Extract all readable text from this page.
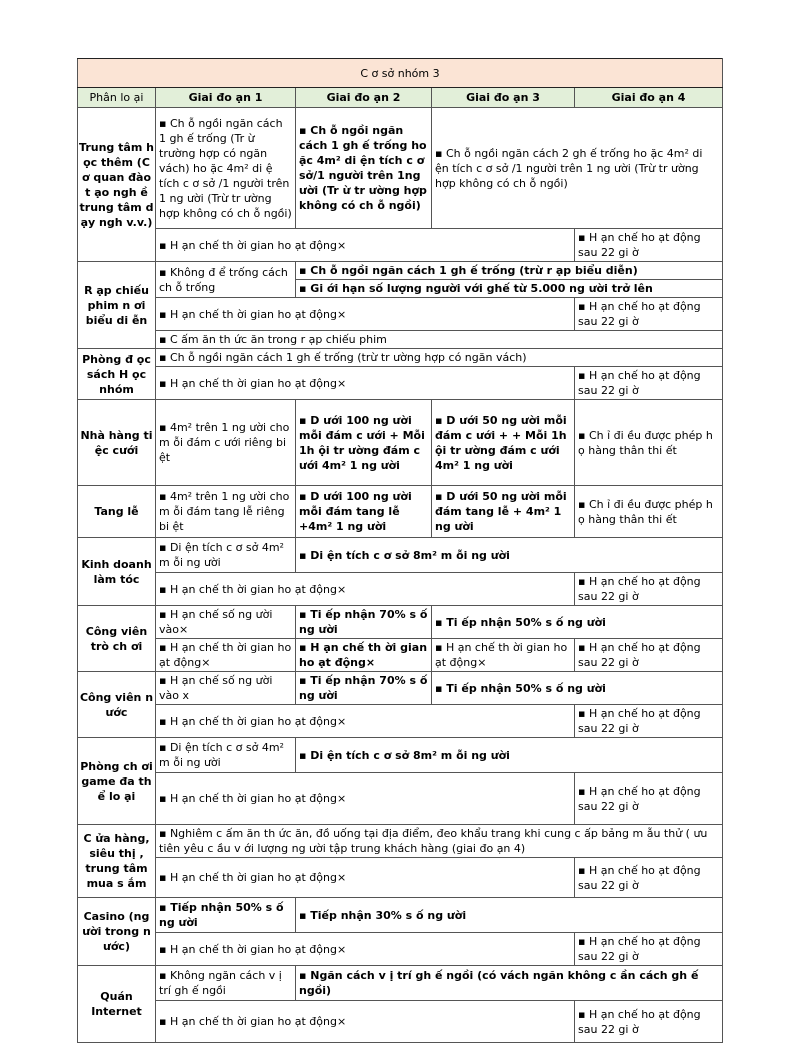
C ơ sở nhóm 3				
Phân lo ại	Giai đo ạn 1	Giai đo ạn 2	Giai đo ạn 3	Giai đo ạn 4
Trung tâm h ọc thêm (C ơ quan đào t ạo ngh ề trung tâm d ạy ngh v.v.)	▪ Ch ỗ ngồi ngăn cách 1 gh ế trống (Tr ừ trường hợp có ngăn vách) ho ặc 4m² di ệ tích c ơ sở /1 người trên 1 ng ười (Trừ tr ường hợp không có ch ỗ ngồi)	▪ Ch ỗ ngồi ngăn cách 1 gh ế trống ho ặc 4m² di ện tích c ơ sở/1 người trên 1ng ười (Tr ừ tr ường hợp không có ch ỗ ngồi)	▪ Ch ỗ ngồi ngăn cách 2 gh ế trống ho ặc 4m² di ện tích c ơ sở /1 người trên 1 ng ười (Trừ tr ường hợp không có ch ỗ ngồi)	
	▪ H ạn chế th ời gian ho ạt động×			▪ H ạn chế ho ạt động sau 22 gi ờ
R ạp chiếu phim n ơi biểu di ễn	▪ Không đ ể trống cách ch ỗ trống	▪ Ch ỗ ngồi ngăn cách 1 gh ế trống (trừ r ạp biểu diễn)		
		▪ Gi ới hạn số lượng người với ghế từ 5.000 ng ười trở lên		
	▪ H ạn chế th ời gian ho ạt động×			▪ H ạn chế ho ạt động sau 22 gi ờ
	▪ C ấm ăn th ức ăn trong r ạp chiếu phim			
Phòng đ ọc sách H ọc nhóm	▪ Ch ỗ ngồi ngăn cách 1 gh ế trống (trừ tr ường hợp có ngăn vách)			
	▪ H ạn chế th ời gian ho ạt động×			▪ H ạn chế ho ạt động sau 22 gi ờ
Nhà hàng ti ệc cưới	▪ 4m² trên 1 ng ười cho m ỗi đám c ưới riêng bi ệt	▪ D ưới 100 ng ười mỗi đám c ưới + Mỗi 1h ội tr ường đám c ưới 4m² 1 ng ười	▪ D ưới 50 ng ười mỗi đám c ưới + + Mỗi 1h ội tr ường đám c ưới 4m² 1 ng ười	▪ Ch ỉ đi ều được phép h ọ hàng thân thi ết
Tang lễ	▪ 4m² trên 1 ng ười cho m ỗi đám tang lễ riêng bi ệt	▪ D ưới 100 ng ười mỗi đám tang lễ +4m² 1 ng ười	▪ D ưới 50 ng ười mỗi đám tang lễ + 4m² 1 ng ười	▪ Ch ỉ đi ều được phép h ọ hàng thân thi ết
Kinh doanh làm tóc	▪ Di ện tích c ơ sở 4m² m ỗi ng ười	▪ Di ện tích c ơ sở 8m² m ỗi ng ười		
	▪ H ạn chế th ời gian ho ạt động×			▪ H ạn chế ho ạt động sau 22 gi ờ
Công viên trò ch ơi	▪ H ạn chế số ng ười vào×	▪ Ti ếp nhận 70% s ố ng ười	▪ Ti ếp nhận 50% s ố ng ười	
	▪ H ạn chế th ời gian ho ạt động×	▪ H ạn chế th ời gian ho ạt động×	▪ H ạn chế th ời gian ho ạt động×	▪ H ạn chế ho ạt động sau 22 gi ờ
Công viên n ước	▪ H ạn chế số ng ười vào x	▪ Ti ếp nhận 70% s ố ng ười	▪ Ti ếp nhận 50% s ố ng ười	
	▪ H ạn chế th ời gian ho ạt động×			▪ H ạn chế ho ạt động sau 22 gi ờ
Phòng ch ơi game đa th ể lo ại	▪ Di ện tích c ơ sở 4m² m ỗi ng ười	▪ Di ện tích c ơ sở 8m² m ỗi ng ười		
	▪ H ạn chế th ời gian ho ạt động×			▪ H ạn chế ho ạt động sau 22 gi ờ
C ửa hàng, siêu thị , trung tâm mua s ắm	▪ Nghiêm c ấm ăn th ức ăn, đồ uống tại địa điểm, đeo khẩu trang khi cung c ấp bảng m ẫu thử ( ưu tiên yêu c ầu v ới lượng ng ười tập trung khách hàng (giai đo ạn 4)			
	▪ H ạn chế th ời gian ho ạt động×			▪ H ạn chế ho ạt động sau 22 gi ờ
Casino (ng ười trong n ước)	▪ Tiếp nhận 50% s ố ng ười	▪ Tiếp nhận 30% s ố ng ười		
	▪ H ạn chế th ời gian ho ạt động×			▪ H ạn chế ho ạt động sau 22 gi ờ
Quán Internet	▪ Không ngăn cách v ị trí gh ế ngồi	▪ Ngăn cách v ị trí gh ế ngồi (có vách ngăn không c ần cách gh ế ngồi)		
	▪ H ạn chế th ời gian ho ạt động×			▪ H ạn chế ho ạt động sau 22 gi ờ
